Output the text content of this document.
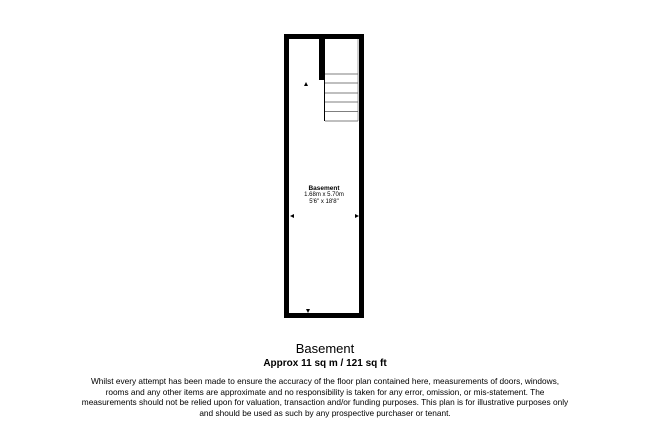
Basement
1.68m x 5.70m
5'6" x 18'8"
Basement
Approx 11 sq m / 121 sq ft
Whilst every attempt has been made to ensure the accuracy of the floor plan contained here, measurements of doors, windows, rooms and any other items are approximate and no responsibility is taken for any error, omission, or mis-statement. The measurements should not be relied upon for valuation, transaction and/or funding purposes. This plan is for illustrative purposes only and should be used as such by any prospective purchaser or tenant.
